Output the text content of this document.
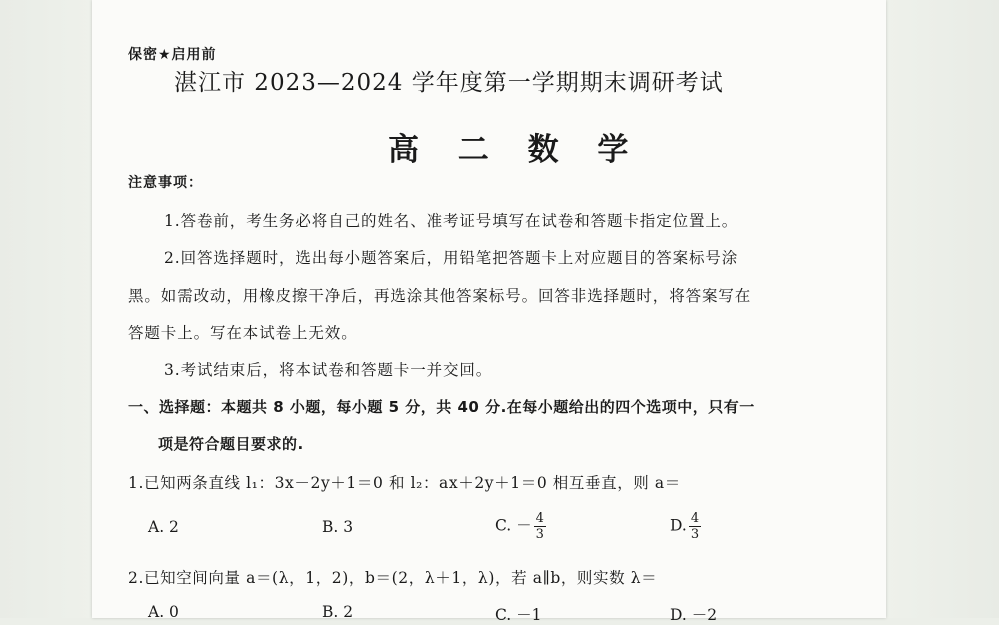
保密★启用前
湛江市 2023—2024 学年度第一学期期末调研考试
高 二 数 学
注意事项：
1.答卷前，考生务必将自己的姓名、准考证号填写在试卷和答题卡指定位置上。
2.回答选择题时，选出每小题答案后，用铅笔把答题卡上对应题目的答案标号涂
黑。如需改动，用橡皮擦干净后，再选涂其他答案标号。回答非选择题时，将答案写在
答题卡上。写在本试卷上无效。
3.考试结束后，将本试卷和答题卡一并交回。
一、选择题：本题共 8 小题，每小题 5 分，共 40 分.在每小题给出的四个选项中，只有一
项是符合题目要求的.
1.已知两条直线 l₁：3x－2y＋1＝0 和 l₂：ax＋2y＋1＝0 相互垂直，则 a＝
A. 2	B. 3	C. － $\frac{4}{3}$	D. $\frac{4}{3}$
2.已知空间向量 a＝(λ，1，2)，b＝(2，λ＋1，λ)，若 a∥b，则实数 λ＝
A. 0	B. 2	C. －1	D. －2
